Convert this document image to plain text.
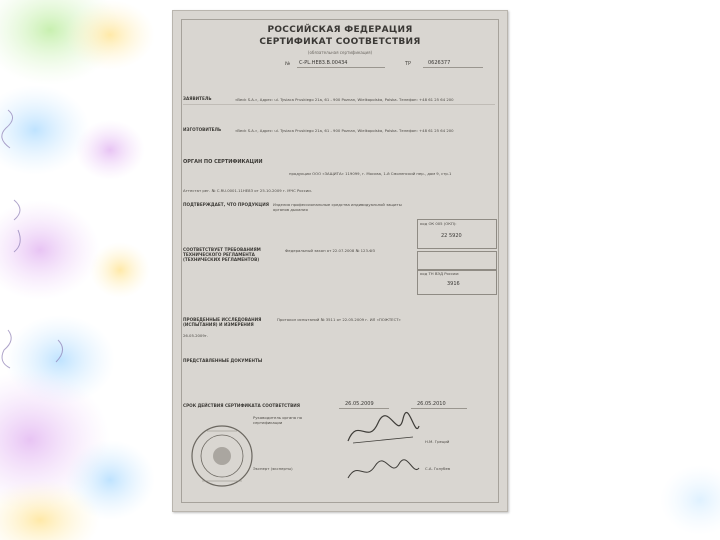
РОССИЙСКАЯ ФЕДЕРАЦИЯ
СЕРТИФИКАТ СООТВЕТСТВИЯ
(обязательная сертификация)
№ C-PL.HE83.B.00434	ТР	0626377
ЗАЯВИТЕЛЬ	«Beck S.A.», Адрес: ul. Tysiaca Pruskiego 21a, 61 - 900 Poznan, Wielkopolska, Polska. Телефон: +48 61 25 64 200
ИЗГОТОВИТЕЛЬ	«Beck S.A.», Адрес: ul. Tysiaca Pruskiego 21a, 61 - 900 Poznan, Wielkopolska, Polska. Телефон: +48 61 25 64 200
ОРГАН ПО СЕРТИФИКАЦИИ
продукции ООО «ЗАЩИТА» 119099, г. Москва, 1-й Смоленский пер., дом 9, стр.1
Аттестат рег. № С.RU.0001.11HE83 от 25.10.2009 г. МЧС России.
ПОДТВЕРЖДАЕТ, ЧТО ПРОДУКЦИЯ	Изделия профессиональные средства индивидуальной защиты органов дыхания
код ОК 005 (ОКП):
22 5920
СООТВЕТСТВУЕТ ТРЕБОВАНИЯМ ТЕХНИЧЕСКОГО РЕГЛАМЕНТА (ТЕХНИЧЕСКИХ РЕГЛАМЕНТОВ)
Федеральный закон от 22.07.2008 № 123-ФЗ
код ТН ВЭД России:
3916
ПРОВЕДЕННЫЕ ИССЛЕДОВАНИЯ (ИСПЫТАНИЯ) И ИЗМЕРЕНИЯ
Протокол испытаний № 3511 от 22.05.2009 г. ИЛ «ПОЖТЕСТ»
26.05.2009г.
ПРЕДСТАВЛЕННЫЕ ДОКУМЕНТЫ
СРОК ДЕЙСТВИЯ СЕРТИФИКАТА СООТВЕТСТВИЯ	26.05.2009	26.05.2010
Руководитель органа по сертификации
Н.М. Греций
Эксперт (эксперты)	С.А. Голубев
